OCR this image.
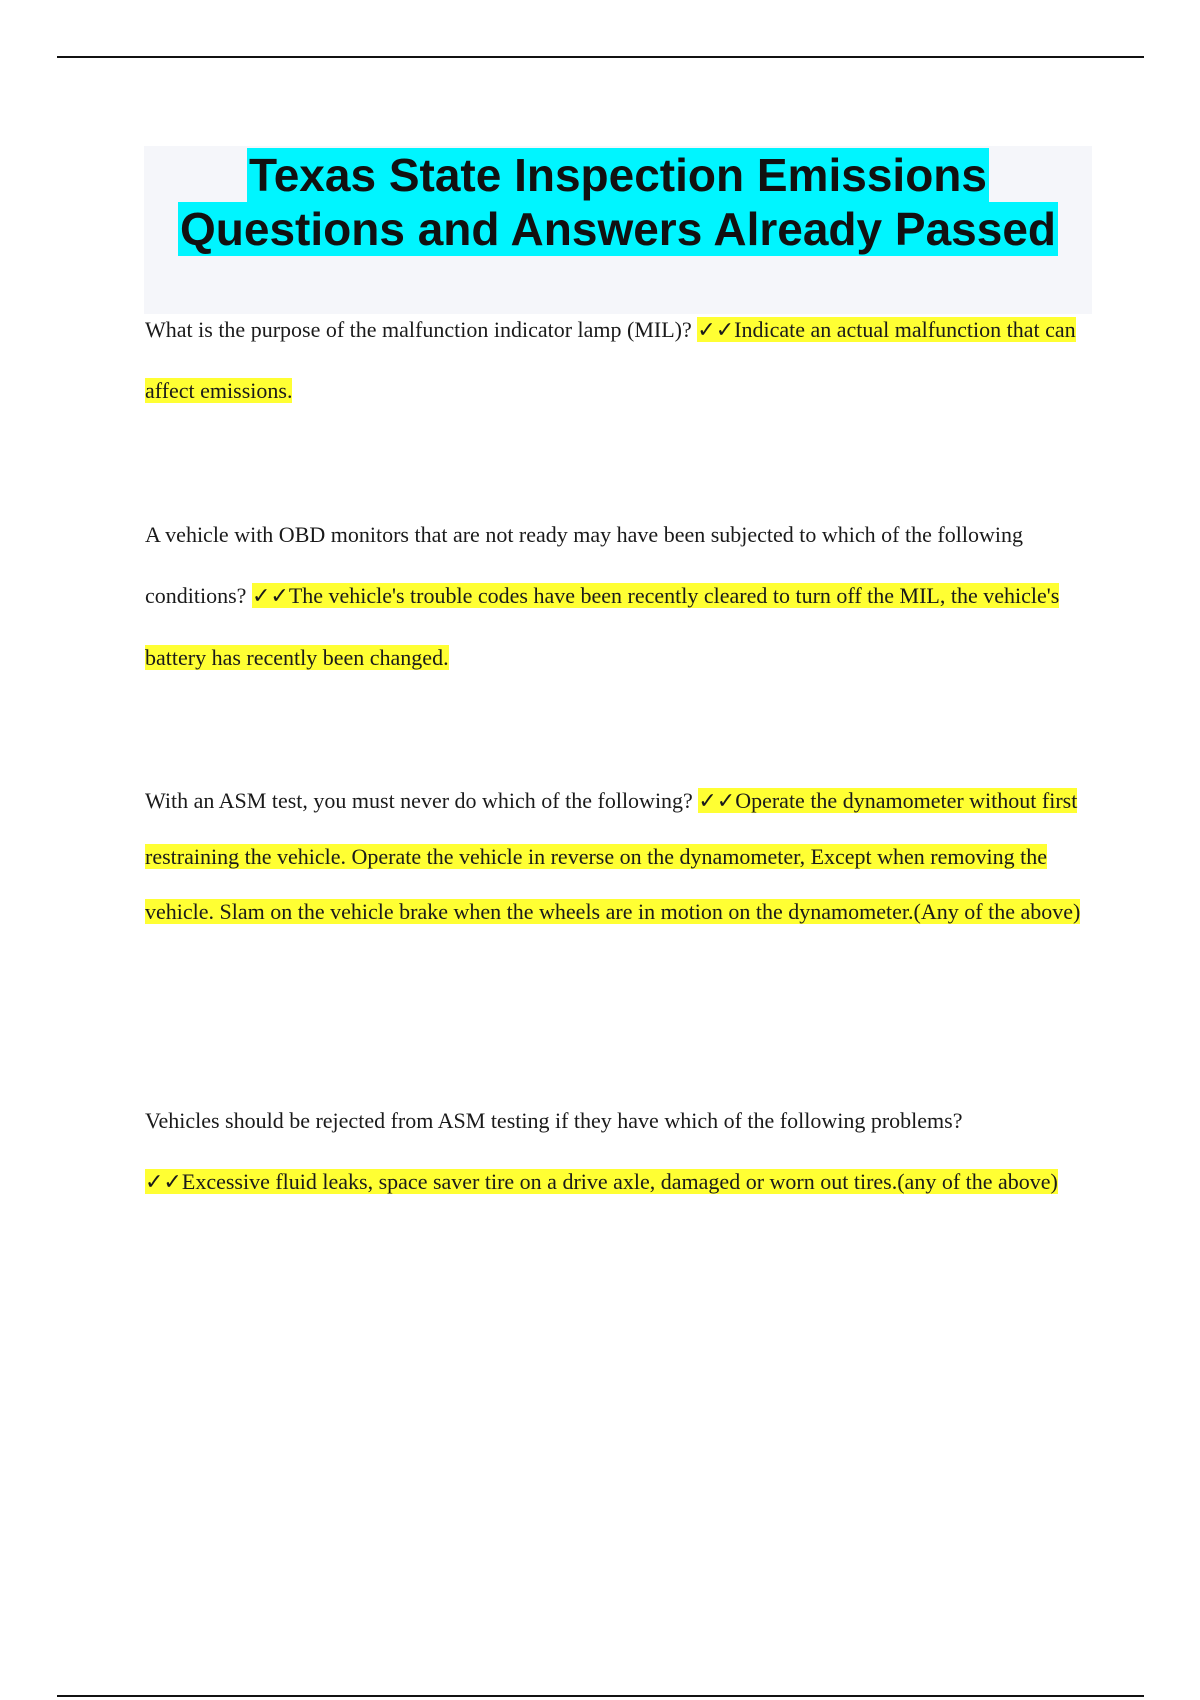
Texas State Inspection Emissions
Questions and Answers Already Passed
What is the purpose of the malfunction indicator lamp (MIL)? ✓✓Indicate an actual malfunction that can affect emissions.
A vehicle with OBD monitors that are not ready may have been subjected to which of the following conditions? ✓✓The vehicle's trouble codes have been recently cleared to turn off the MIL, the vehicle's battery has recently been changed.
With an ASM test, you must never do which of the following? ✓✓Operate the dynamometer without first restraining the vehicle. Operate the vehicle in reverse on the dynamometer, Except when removing the vehicle. Slam on the vehicle brake when the wheels are in motion on the dynamometer.(Any of the above)
Vehicles should be rejected from ASM testing if they have which of the following problems? ✓✓Excessive fluid leaks, space saver tire on a drive axle, damaged or worn out tires.(any of the above)
